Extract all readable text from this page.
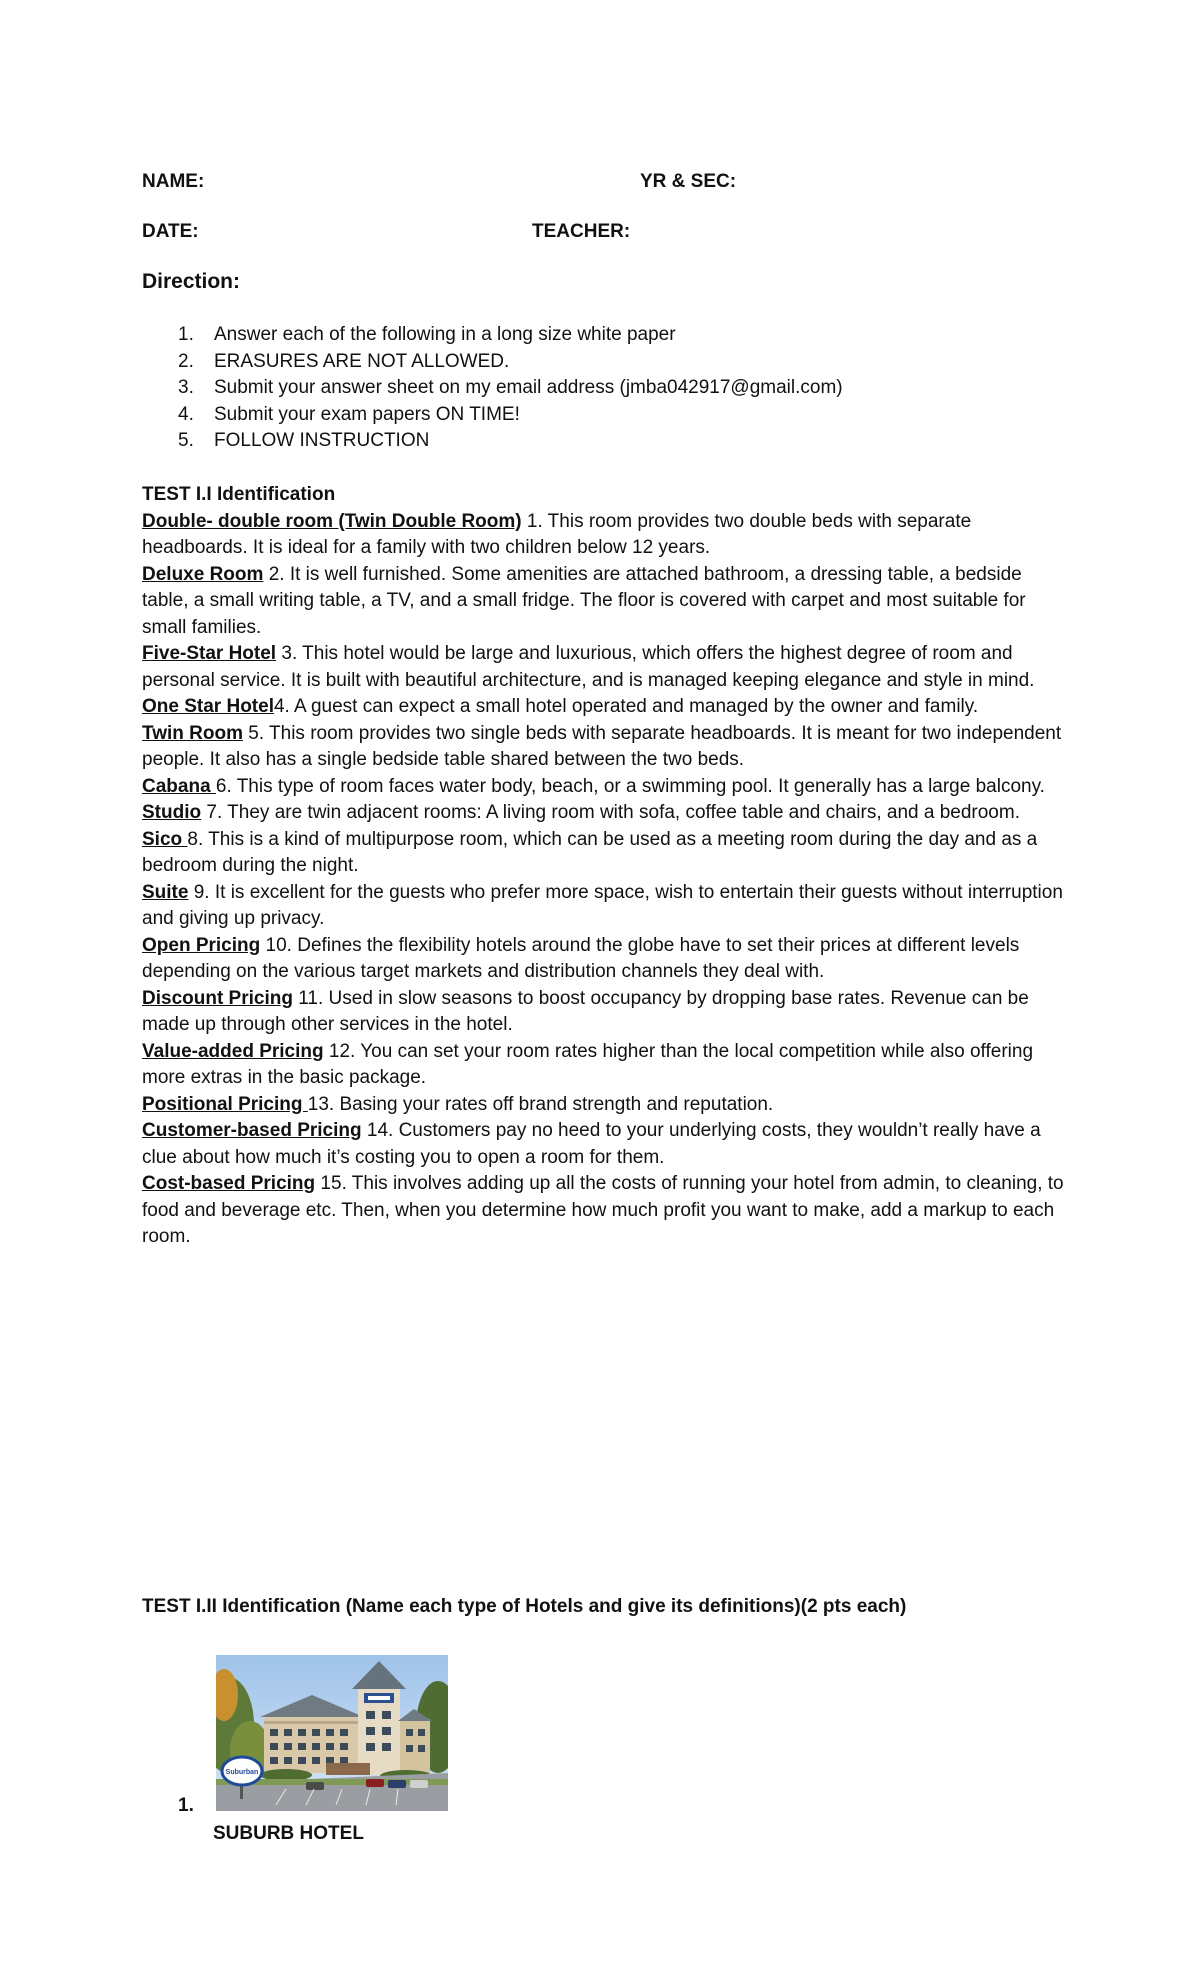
NAME:	YR & SEC:
DATE:	TEACHER:
Direction:
1.	Answer each of the following in a long size white paper
2.	ERASURES ARE NOT ALLOWED.
3.	Submit your answer sheet on my email address (jmba042917@gmail.com)
4.	Submit your exam papers ON TIME!
5.	FOLLOW INSTRUCTION
TEST I.I Identification

Double- double room (Twin Double Room) 1. This room provides two double beds with separate headboards. It is ideal for a family with two children below 12 years.

Deluxe Room 2. It is well furnished. Some amenities are attached bathroom, a dressing table, a bedside table, a small writing table, a TV, and a small fridge. The floor is covered with carpet and most suitable for small families.

Five-Star Hotel 3. This hotel would be large and luxurious, which offers the highest degree of room and personal service. It is built with beautiful architecture, and is managed keeping elegance and style in mind.

One Star Hotel4. A guest can expect a small hotel operated and managed by the owner and family.

Twin Room 5. This room provides two single beds with separate headboards. It is meant for two independent people. It also has a single bedside table shared between the two beds.

Cabana 6. This type of room faces water body, beach, or a swimming pool. It generally has a large balcony.

Studio 7. They are twin adjacent rooms: A living room with sofa, coffee table and chairs, and a bedroom.

Sico 8. This is a kind of multipurpose room, which can be used as a meeting room during the day and as a bedroom during the night.

Suite 9. It is excellent for the guests who prefer more space, wish to entertain their guests without interruption and giving up privacy.

Open Pricing 10. Defines the flexibility hotels around the globe have to set their prices at different levels depending on the various target markets and distribution channels they deal with.

Discount Pricing 11. Used in slow seasons to boost occupancy by dropping base rates. Revenue can be made up through other services in the hotel.

Value-added Pricing 12. You can set your room rates higher than the local competition while also offering more extras in the basic package.

Positional Pricing 13. Basing your rates off brand strength and reputation.

Customer-based Pricing 14. Customers pay no heed to your underlying costs, they wouldn’t really have a clue about how much it’s costing you to open a room for them.

Cost-based Pricing 15. This involves adding up all the costs of running your hotel from admin, to cleaning, to food and beverage etc. Then, when you determine how much profit you want to make, add a markup to each room.

TEST I.II Identification (Name each type of Hotels and give its definitions)(2 pts each)
Suburban
1.
SUBURB HOTEL
